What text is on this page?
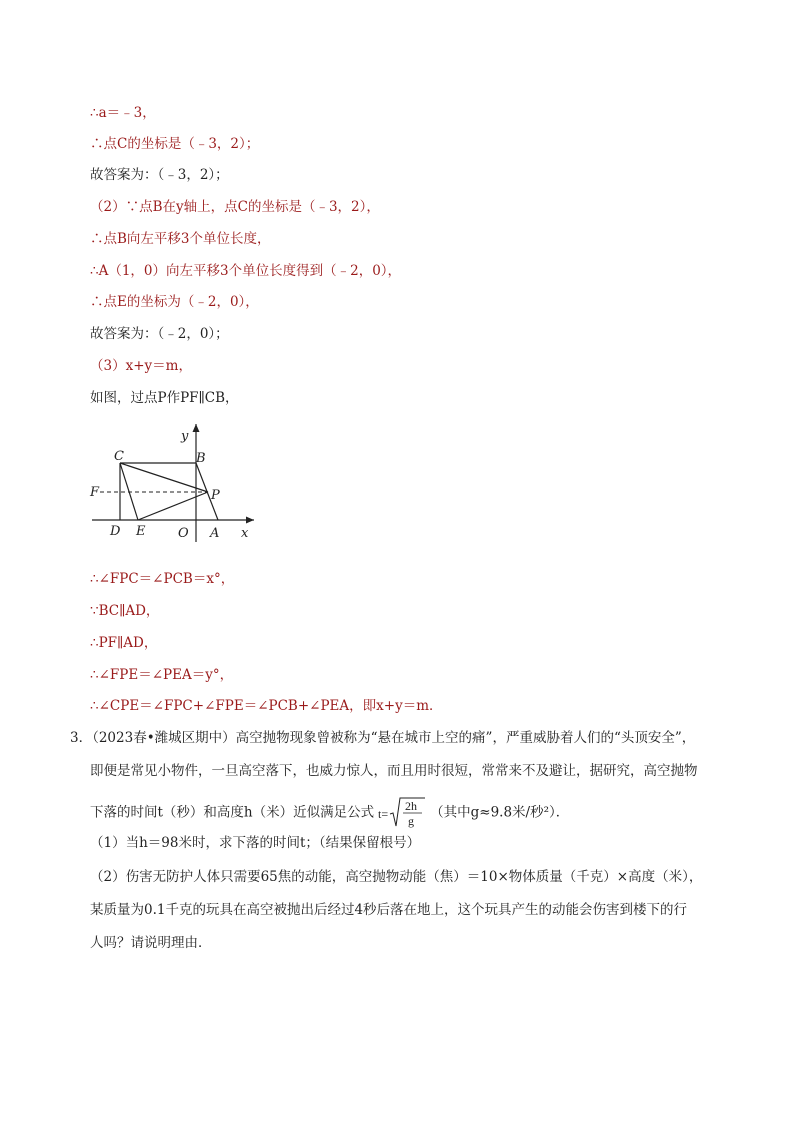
∴a＝﹣3，
∴点C的坐标是（﹣3，2）；
故答案为：（﹣3，2）；
（2）∵点B在y轴上，点C的坐标是（﹣3，2），
∴点B向左平移3个单位长度，
∴A（1，0）向左平移3个单位长度得到（﹣2，0），
∴点E的坐标为（﹣2，0），
故答案为：（﹣2，0）；
（3）x+y＝m，
如图，过点P作PF∥CB，
y
x
C	B
F	P
D E	O A
∴∠FPC＝∠PCB＝x°，
∵BC∥AD，
∴PF∥AD，
∴∠FPE＝∠PEA＝y°，
∴∠CPE＝∠FPC+∠FPE＝∠PCB+∠PEA，即x+y＝m．
3．（2023春•潍城区期中）高空抛物现象曾被称为“悬在城市上空的痛”，严重威胁着人们的“头顶安全”，
即便是常见小物件，一旦高空落下，也威力惊人，而且用时很短，常常来不及避让，据研究，高空抛物
下落的时间t（秒）和高度h（米）近似满足公式 t=
2h
g
（其中g≈9.8米/秒²）．
（1）当h＝98米时，求下落的时间t；（结果保留根号）
（2）伤害无防护人体只需要65焦的动能，高空抛物动能（焦）＝10×物体质量（千克）×高度（米），
某质量为0.1千克的玩具在高空被抛出后经过4秒后落在地上，这个玩具产生的动能会伤害到楼下的行
人吗？请说明理由．
